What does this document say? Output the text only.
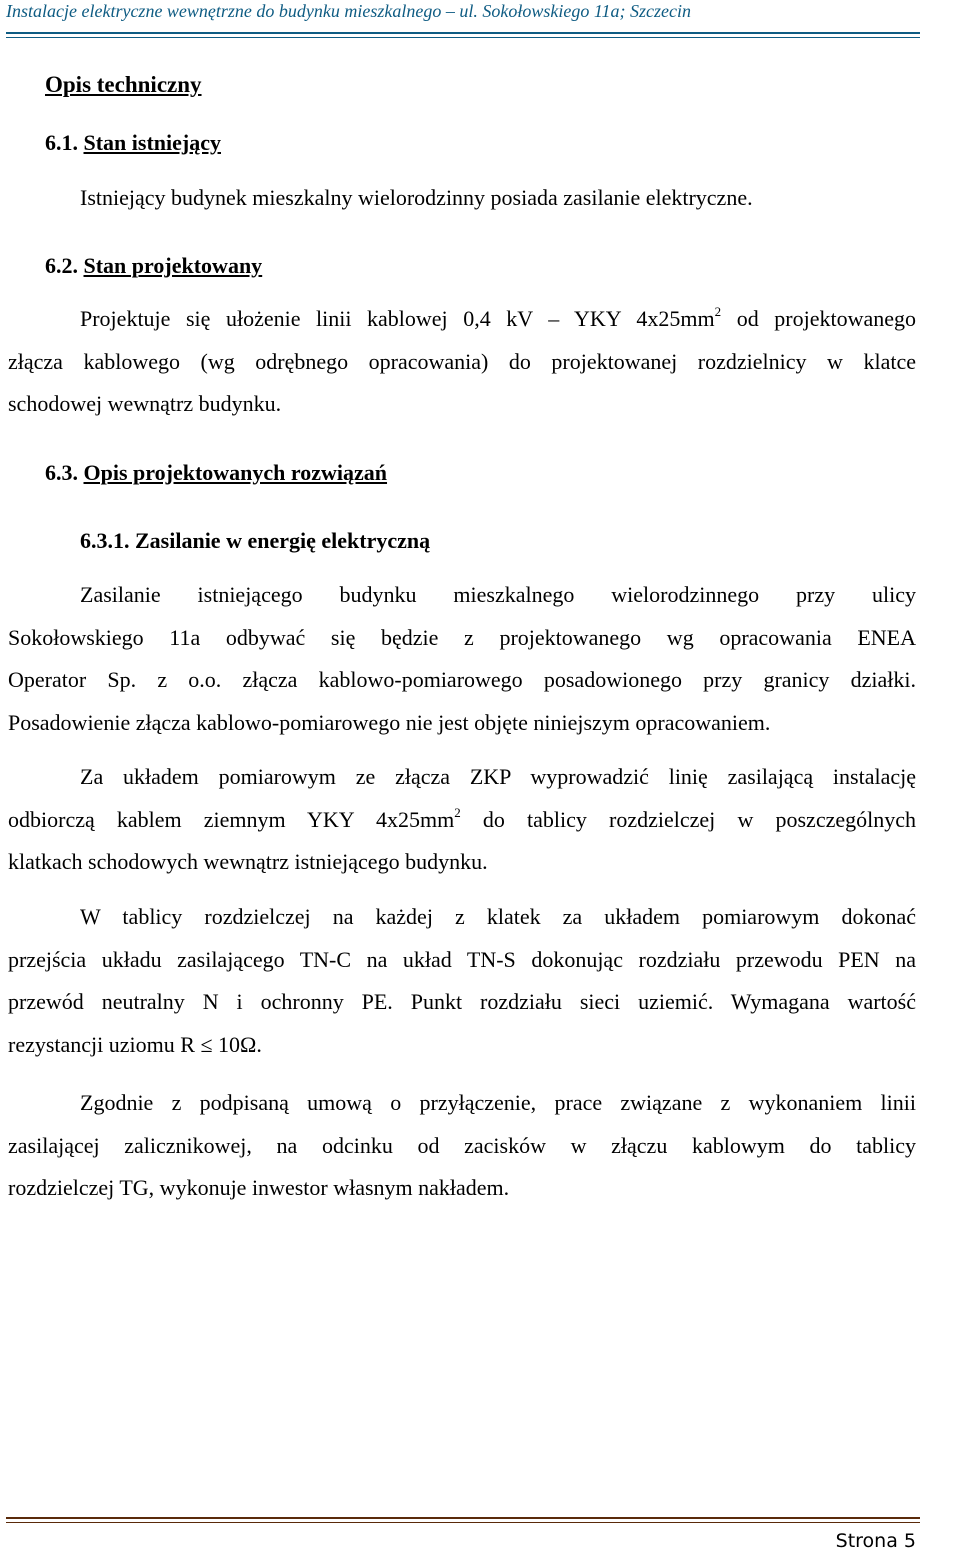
Instalacje elektryczne wewnętrzne do budynku mieszkalnego – ul. Sokołowskiego 11a; Szczecin
Opis techniczny
6.1. Stan istniejący
Istniejący budynek mieszkalny wielorodzinny posiada zasilanie elektryczne.
6.2. Stan projektowany
Projektuje się ułożenie linii kablowej 0,4 kV – YKY $4x25mm^2$ od projektowanego
złącza kablowego (wg odrębnego opracowania) do projektowanej rozdzielnicy w klatce
schodowej wewnątrz budynku.
6.3. Opis projektowanych rozwiązań
6.3.1. Zasilanie w energię elektryczną
Zasilanie istniejącego budynku mieszkalnego wielorodzinnego przy ulicy
Sokołowskiego 11a odbywać się będzie z projektowanego wg opracowania ENEA
Operator Sp. z o.o. złącza kablowo-pomiarowego posadowionego przy granicy działki.
Posadowienie złącza kablowo-pomiarowego nie jest objęte niniejszym opracowaniem.
Za układem pomiarowym ze złącza ZKP wyprowadzić linię zasilającą instalację
odbiorczą kablem ziemnym YKY $4x25mm^2$ do tablicy rozdzielczej w poszczególnych
klatkach schodowych wewnątrz istniejącego budynku.
W tablicy rozdzielczej na każdej z klatek za układem pomiarowym dokonać
przejścia układu zasilającego TN-C na układ TN-S dokonując rozdziału przewodu PEN na
przewód neutralny N i ochronny PE. Punkt rozdziału sieci uziemić. Wymagana wartość
rezystancji uziomu R ≤ 10Ω.
Zgodnie z podpisaną umową o przyłączenie, prace związane z wykonaniem linii
zasilającej zalicznikowej, na odcinku od zacisków w złączu kablowym do tablicy
rozdzielczej TG, wykonuje inwestor własnym nakładem.
Strona 5
